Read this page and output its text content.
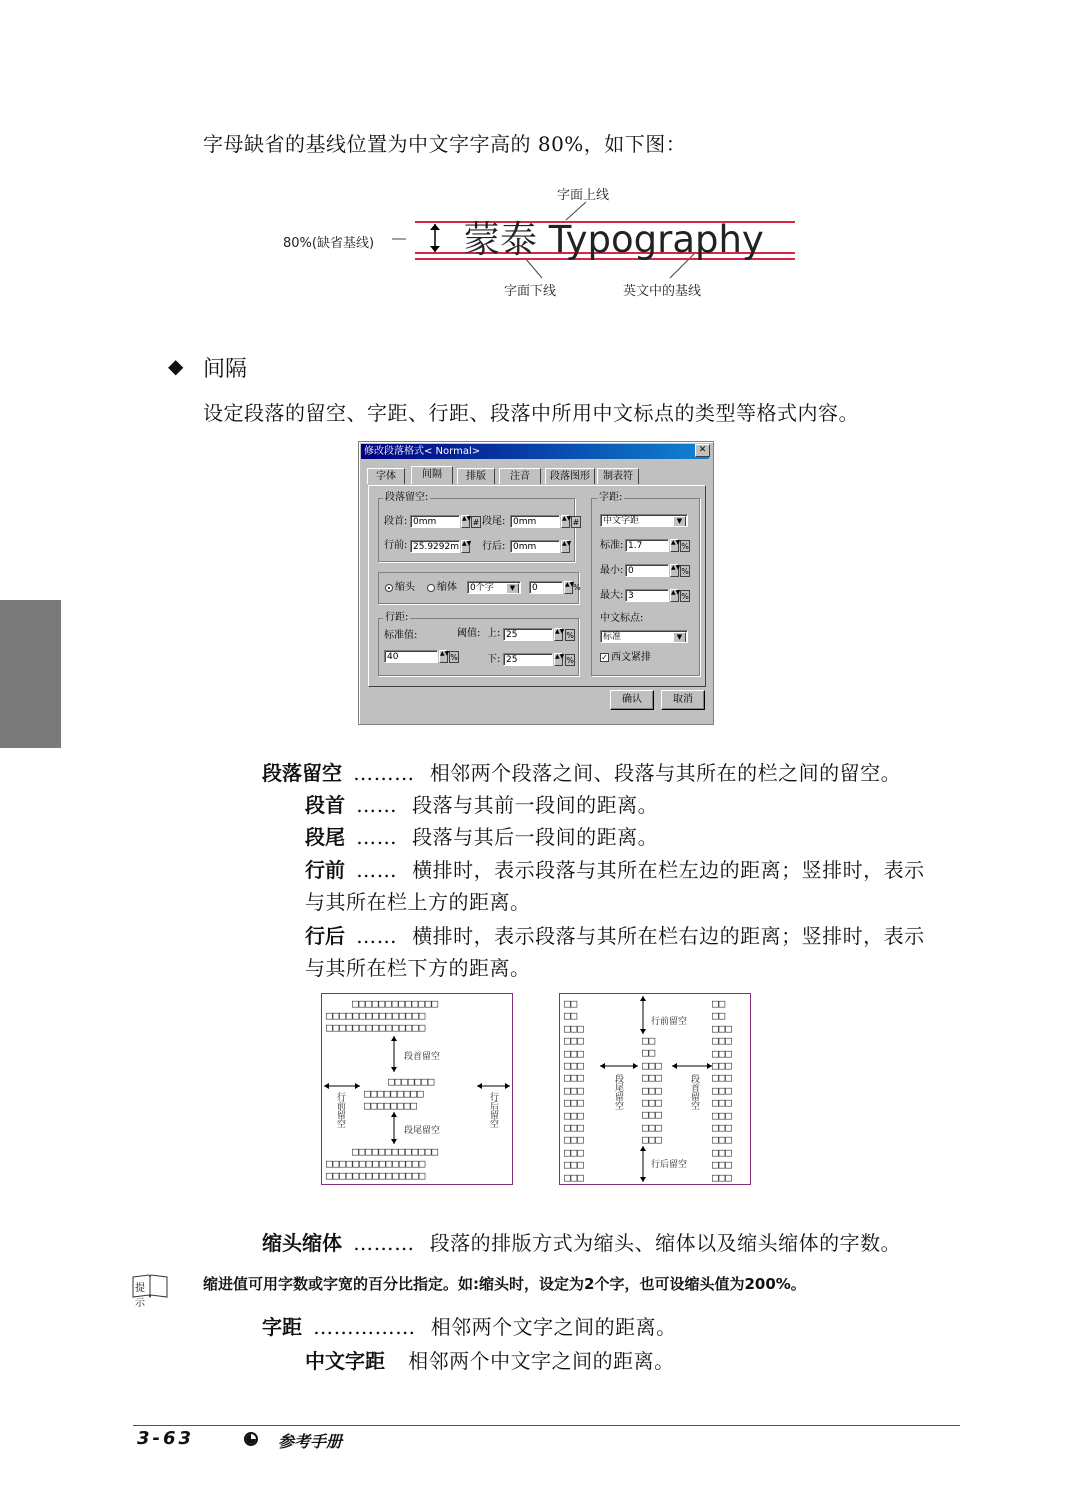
字母缺省的基线位置为中文字字高的 80%，如下图：
字面上线
蒙泰 Typography
80%(缺省基线)
字面下线	英文中的基线
◆ 间隔
设定段落的留空、字距、行距、段落中所用中文标点的类型等格式内容。
修改段落格式< Normal>	✕
字体	间隔	排版	注音	段落图形	制表符
段落留空:
段首: 0mm	▲▼ # 段尾: 0mm	▲▼ #
行前: 25.9292m ▲▼ 行后: 0mm	▲▼
缩头 缩体	0个字	▼	0	▲▼
%
行距:
标准值:	阈值: 上: 25	▲▼ %
40	▲▼ %	下: 25	▲▼ %
字距:
中文字距	▼
标准: 1.7	▲▼ %
最小: 0	▲▼ %
最大: 3	▲▼ %
中文标点:
标准	▼
✓ 西文紧排
确认	取消
段落留空 ……… 相邻两个段落之间、段落与其所在的栏之间的留空。
段首 …… 段落与其前一段间的距离。
段尾 …… 段落与其后一段间的距离。
行前 …… 横排时，表示段落与其所在栏左边的距离；竖排时，表示
与其所在栏上方的距离。
行后 …… 横排时，表示段落与其所在栏右边的距离；竖排时，表示
与其所在栏下方的距离。
□□□□□□□□□□□□□
□□□□□□□□□□□□□□□
□□□□□□□□□□□□□□□
□□□□□□□
□□□□□□□□□
□□□□□□□□
□□□□□□□□□□□□□
□□□□□□□□□□□□□□□
□□□□□□□□□□□□□□□
段首留空
段尾留空
行前留空	行后留空
□□
□□
□□□
□□□
□□□
□□□
□□□
□□□
□□□
□□□
□□□
□□□
□□□
□□□
□□□
□□
□□
□□□
□□□
□□□
□□□
□□□
□□□
□□□
□□
□□
□□□
□□□
□□□
□□□
□□□
□□□
□□□
□□□
□□□
□□□
□□□
□□□
□□□
行前留空
行后留空
段尾留空	段首留空
缩头缩体 ……… 段落的排版方式为缩头、缩体以及缩头缩体的字数。
提示
缩进值可用字数或字宽的百分比指定。如:缩头时，设定为2个字，也可设缩头值为200%。
字距 …………… 相邻两个文字之间的距离。
中文字距 相邻两个中文字之间的距离。
3-63	参考手册
